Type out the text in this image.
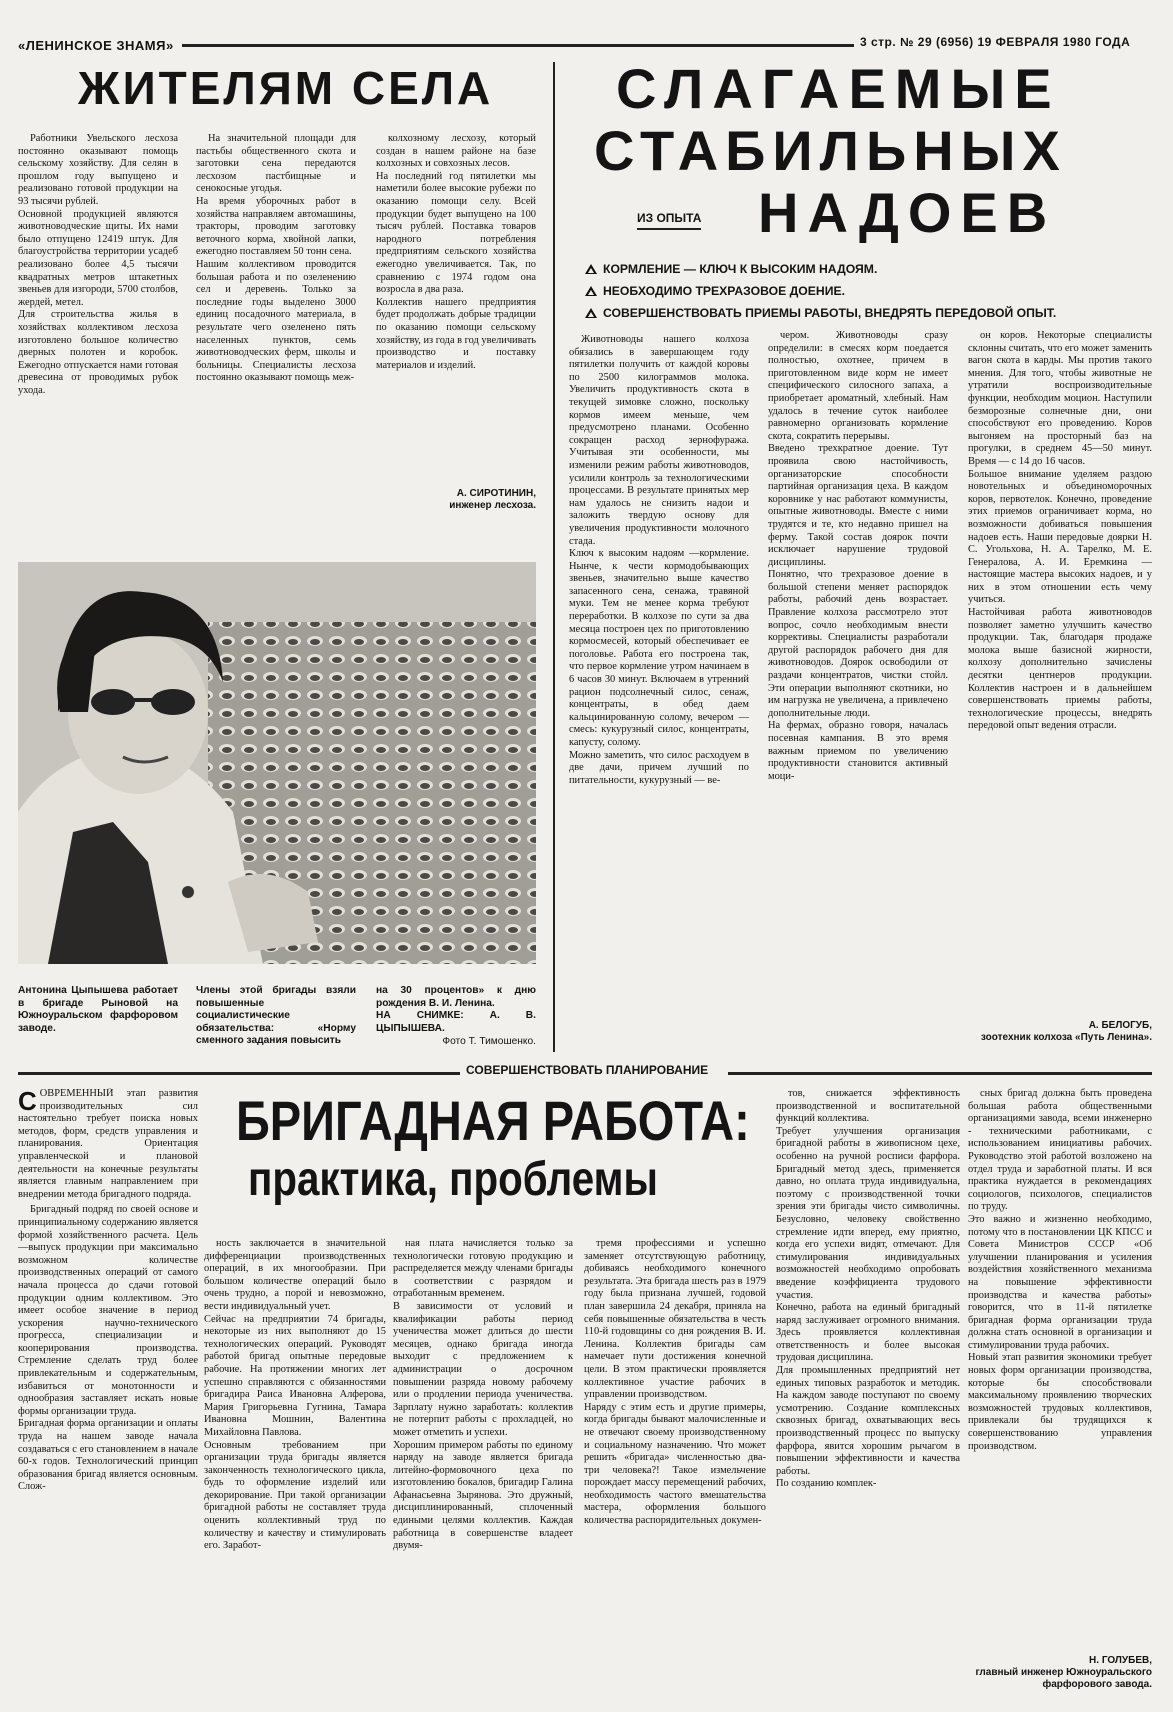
«ЛЕНИНСКОЕ ЗНАМЯ»	3 стр. № 29 (6956) 19 ФЕВРАЛЯ 1980 ГОДА
ЖИТЕЛЯМ СЕЛА

Работники Увельского лесхоза постоянно оказывают помощь сельскому хозяйству. Для селян в прошлом году выпущено и реализовано готовой продукции на 93 тысячи рублей.
Основной продукцией являются животноводческие щиты. Их нами было отпущено 12419 штук. Для благоустройства территории усадеб реализовано более 4,5 тысячи квадратных метров штакетных звеньев для изгороди, 5700 столбов, жердей, метел.
Для строительства жилья в хозяйствах коллективом лесхоза изготовлено большое количество дверных полотен и коробок. Ежегодно отпускается нами готовая древесина от проводимых рубок ухода.

На значительной площади для пастьбы общественного скота и заготовки сена передаются лесхозом пастбищные и сенокосные угодья.
На время уборочных работ в хозяйства направляем автомашины, тракторы, проводим заготовку веточного корма, хвойной лапки, ежегодно поставляем 50 тонн сена.
Нашим коллективом проводится большая работа и по озеленению сел и деревень. Только за последние годы выделено 3000 единиц посадочного материала, в результате чего озеленено пять населенных пунктов, семь животноводческих ферм, школы и больницы. Специалисты лесхоза постоянно оказывают помощь меж-

колхозному лесхозу, который создан в нашем районе на базе колхозных и совхозных лесов.
На последний год пятилетки мы наметили более высокие рубежи по оказанию помощи селу. Всей продукции будет выпущено на 100 тысяч рублей. Поставка товаров народного потребления предприятиям сельского хозяйства ежегодно увеличивается. Так, по сравнению с 1974 годом она возросла в два раза.
Коллектив нашего предприятия будет продолжать добрые традиции по оказанию помощи сельскому хозяйству, из года в год увеличивать производство и поставку материалов и изделий.

А. СИРОТИНИН,
инженер лесхоза.
Антонина Цыпышева работает в бригаде Рыновой на Южноуральском фарфоровом заводе.
Члены этой бригады взяли повышенные социалистические обязательства: «Норму сменного задания повысить
на 30 процентов» к дню рождения В. И. Ленина.
НА СНИМКЕ: А. В. ЦЫПЫШЕВА.
Фото Т. Тимошенко.
СЛАГАЕМЫЕ
СТАБИЛЬНЫХ
НАДОЕВ
ИЗ ОПЫТА
КОРМЛЕНИЕ — КЛЮЧ К ВЫСОКИМ НАДОЯМ.
НЕОБХОДИМО ТРЕХРАЗОВОЕ ДОЕНИЕ.
СОВЕРШЕНСТВОВАТЬ ПРИЕМЫ РАБОТЫ, ВНЕДРЯТЬ ПЕРЕДОВОЙ ОПЫТ.

Животноводы нашего колхоза обязались в завершающем году пятилетки получить от каждой коровы по 2500 килограммов молока. Увеличить продуктивность скота в текущей зимовке сложно, поскольку кормов имеем меньше, чем предусмотрено планами. Особенно сокращен расход зернофуража. Учитывая эти особенности, мы изменили режим работы животноводов, усилили контроль за технологическими процессами. В результате принятых мер нам удалось не снизить надои и заложить твердую основу для увеличения продуктивности молочного стада.
Ключ к высоким надоям —кормление. Нынче, к чести кормодобывающих звеньев, значительно выше качество запасенного сена, сенажа, травяной муки. Тем не менее корма требуют переработки. В колхозе по сути за два месяца построен цех по приготовлению кормосмесей, который обеспечивает ее поголовье. Работа его построена так, что первое кормление утром начинаем в 6 часов 30 минут. Включаем в утренний рацион подсолнечный силос, сенаж, концентраты, в обед даем кальцинированную солому, вечером — смесь: кукурузный силос, концентраты, капусту, солому.
Можно заметить, что силос расходуем в две дачи, причем лучший по питательности, кукурузный — ве-

чером. Животноводы сразу определили: в смесях корм поедается полностью, охотнее, причем в приготовленном виде корм не имеет специфического силосного запаха, а приобретает ароматный, хлебный. Нам удалось в течение суток наиболее равномерно организовать кормление скота, сократить перерывы.
Введено трехкратное доение. Тут проявила свою настойчивость, организаторские способности партийная организация цеха. В каждом коровнике у нас работают коммунисты, опытные животноводы. Вместе с ними трудятся и те, кто недавно пришел на ферму. Такой состав доярок почти исключает нарушение трудовой дисциплины.
Понятно, что трехразовое доение в большой степени меняет распорядок работы, рабочий день возрастает. Правление колхоза рассмотрело этот вопрос, сочло необходимым внести коррективы. Специалисты разработали другой распорядок рабочего дня для животноводов. Доярок освободили от раздачи концентратов, чистки стойл. Эти операции выполняют скотники, но им нагрузка не увеличена, а привлечено дополнительные люди.
На фермах, образно говоря, началась посевная кампания. В это время важным приемом по увеличению продуктивности становится активный моци-

он коров. Некоторые специалисты склонны считать, что его может заменить вагон скота в карды. Мы против такого мнения. Для того, чтобы животные не утратили воспроизводительные функции, необходим моцион. Наступили безморозные солнечные дни, они способствуют его проведению. Коров выгоняем на просторный баз на прогулки, в среднем 45—50 минут. Время — с 14 до 16 часов.
Большое внимание уделяем раздою новотельных и объединоморочных коров, первотелок. Конечно, проведение этих приемов ограничивает корма, но возможности добиваться повышения надоев есть. Наши передовые доярки Н. С. Угольхова, Н. А. Тарелко, М. Е. Генералова, А. И. Еремкина — настоящие мастера высоких надоев, и у них в этом отношении есть чему учиться.
Настойчивая работа животноводов позволяет заметно улучшить качество продукции. Так, благодаря продаже молока выше базисной жирности, колхозу дополнительно зачислены десятки центнеров продукции. Коллектив настроен и в дальнейшем совершенствовать приемы работы, технологические процессы, внедрять передовой опыт ведения отрасли.

А. БЕЛОГУБ,
зоотехник колхоза «Путь Ленина».
СОВЕРШЕНСТВОВАТЬ ПЛАНИРОВАНИЕ
БРИГАДНАЯ РАБОТА:
практика, проблемы

СОВРЕМЕННЫЙ этап развития производительных сил настоятельно требует поиска новых методов, форм, средств управления и планирования. Ориентация управленческой и плановой деятельности на конечные результаты является главным направлением при внедрении метода бригадного подряда.

Бригадный подряд по своей основе и принципиальному содержанию является формой хозяйственного расчета. Цель —выпуск продукции при максимально возможном количестве производственных операций от самого начала процесса до сдачи готовой продукции одним коллективом. Это имеет особое значение в период ускорения научно-технического прогресса, специализации и кооперирования производства. Стремление сделать труд более привлекательным и содержательным, избавиться от монотонности и однообразия заставляет искать новые формы организации труда.
Бригадная форма организации и оплаты труда на нашем заводе начала создаваться с его становлением в начале 60-х годов. Технологический принцип образования бригад является основным. Слож-

ность заключается в значительной дифференциации производственных операций, в их многообразии. При большом количестве операций было очень трудно, а порой и невозможно, вести индивидуальный учет.
Сейчас на предприятии 74 бригады, некоторые из них выполняют до 15 технологических операций. Руководят работой бригад опытные передовые рабочие. На протяжении многих лет успешно справляются с обязанностями бригадира Раиса Ивановна Алферова, Мария Григорьевна Гугнина, Тамара Ивановна Мошнин, Валентина Михайловна Павлова.
Основным требованием при организации труда бригады является законченность технологического цикла, будь то оформление изделий или декорирование. При такой организации бригадной работы не составляет труда оценить коллективный труд по количеству и качеству и стимулировать его. Заработ-

ная плата начисляется только за технологически готовую продукцию и распределяется между членами бригады в соответствии с разрядом и отработанным временем.
В зависимости от условий и квалификации работы период ученичества может длиться до шести месяцев, однако бригада иногда выходит с предложением к администрации о досрочном повышении разряда новому рабочему или о продлении периода ученичества. Зарплату нужно заработать: коллектив не потерпит работы с прохладцей, но может отметить и успехи.
Хорошим примером работы по единому наряду на заводе является бригада литейно-формовочного цеха по изготовлению бокалов, бригадир Галина Афанасьевна Зырянова. Это дружный, дисциплинированный, сплоченный едиными целями коллектив. Каждая работница в совершенстве владеет двумя-

тремя профессиями и успешно заменяет отсутствующую работницу, добиваясь необходимого конечного результата. Эта бригада шесть раз в 1979 году была признана лучшей, годовой план завершила 24 декабря, приняла на себя повышенные обязательства в честь 110-й годовщины со дня рождения В. И. Ленина. Коллектив бригады сам намечает пути достижения конечной цели. В этом практически проявляется коллективное участие рабочих в управлении производством.
Наряду с этим есть и другие примеры, когда бригады бывают малочисленные и не отвечают своему производственному и социальному назначению. Что может решить «бригада» численностью два-три человека?! Такое измельчение порождает массу перемещений рабочих, необходимость частого вмешательства мастера, оформления большого количества распорядительных докумен-

тов, снижается эффективность производственной и воспитательной функций коллектива.
Требует улучшения организация бригадной работы в живописном цехе, особенно на ручной росписи фарфора. Бригадный метод здесь, применяется давно, но оплата труда индивидуальна, поэтому с производственной точки зрения эти бригады чисто символичны. Безусловно, человеку свойственно стремление идти вперед, ему приятно, когда его успехи видят, отмечают. Для стимулирования индивидуальных возможностей необходимо опробовать введение коэффициента трудового участия.
Конечно, работа на единый бригадный наряд заслуживает огромного внимания. Здесь проявляется коллективная ответственность и более высокая трудовая дисциплина.
Для промышленных предприятий нет единых типовых разработок и методик. На каждом заводе поступают по своему усмотрению. Создание комплексных сквозных бригад, охватывающих весь производственный процесс по выпуску фарфора, явится хорошим рычагом в повышении эффективности и качества работы.
По созданию комплек-

сных бригад должна быть проведена большая работа общественными организациями завода, всеми инженерно - техническими работниками, с использованием инициативы рабочих. Руководство этой работой возложено на отдел труда и заработной платы. И вся практика нуждается в рекомендациях социологов, психологов, специалистов по труду.
Это важно и жизненно необходимо, потому что в постановлении ЦК КПСС и Совета Министров СССР «Об улучшении планирования и усиления воздействия хозяйственного механизма на повышение эффективности производства и качества работы» говорится, что в 11-й пятилетке бригадная форма организации труда должна стать основной в организации и стимулировании труда рабочих.
Новый этап развития экономики требует новых форм организации производства, которые бы способствовали максимальному проявлению творческих возможностей трудовых коллективов, привлекали бы трудящихся к совершенствованию управления производством.

Н. ГОЛУБЕВ,
главный инженер Южноуральского фарфорового завода.
